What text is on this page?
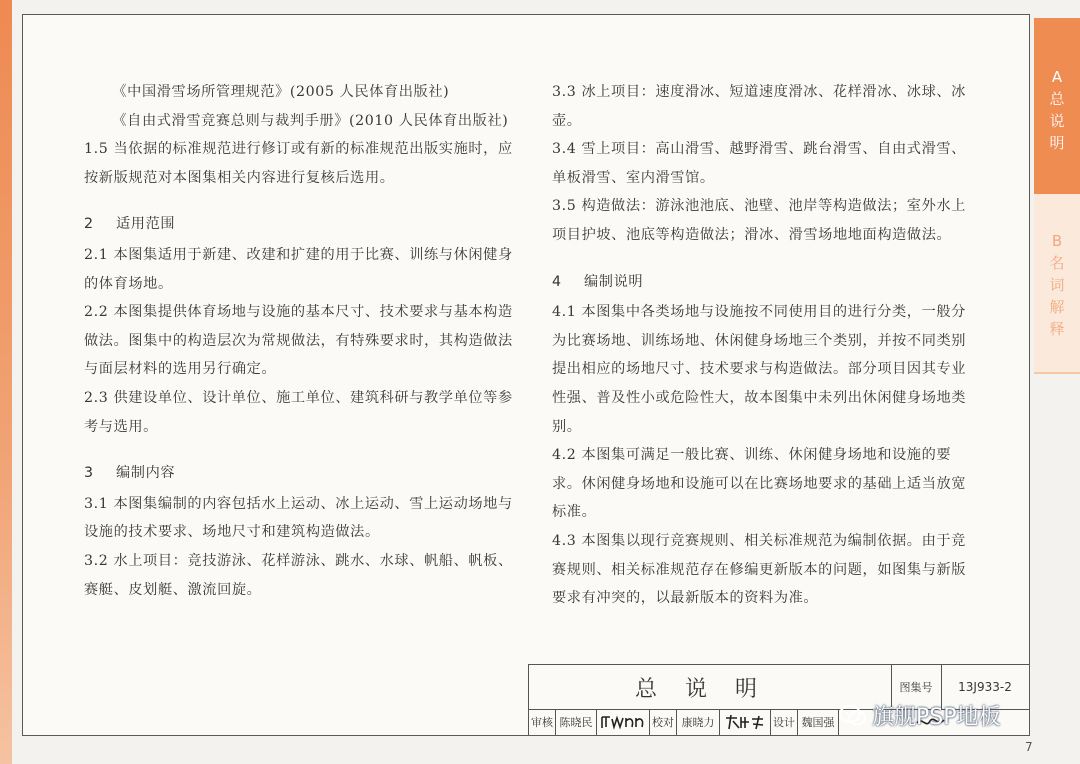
《中国滑雪场所管理规范》(2005 人民体育出版社)

《自由式滑雪竞赛总则与裁判手册》(2010 人民体育出版社)

1.5 当依据的标准规范进行修订或有新的标准规范出版实施时，应按新版规范对本图集相关内容进行复核后选用。

2 适用范围

2.1 本图集适用于新建、改建和扩建的用于比赛、训练与休闲健身的体育场地。

2.2 本图集提供体育场地与设施的基本尺寸、技术要求与基本构造做法。图集中的构造层次为常规做法，有特殊要求时，其构造做法与面层材料的选用另行确定。

2.3 供建设单位、设计单位、施工单位、建筑科研与教学单位等参考与选用。

3 编制内容

3.1 本图集编制的内容包括水上运动、冰上运动、雪上运动场地与设施的技术要求、场地尺寸和建筑构造做法。

3.2 水上项目：竞技游泳、花样游泳、跳水、水球、帆船、帆板、赛艇、皮划艇、激流回旋。

3.3 冰上项目：速度滑冰、短道速度滑冰、花样滑冰、冰球、冰壶。

3.4 雪上项目：高山滑雪、越野滑雪、跳台滑雪、自由式滑雪、单板滑雪、室内滑雪馆。

3.5 构造做法：游泳池池底、池壁、池岸等构造做法；室外水上项目护坡、池底等构造做法；滑冰、滑雪场地地面构造做法。

4 编制说明

4.1 本图集中各类场地与设施按不同使用目的进行分类，一般分为比赛场地、训练场地、休闲健身场地三个类别，并按不同类别提出相应的场地尺寸、技术要求与构造做法。部分项目因其专业性强、普及性小或危险性大，故本图集中未列出休闲健身场地类别。

4.2 本图集可满足一般比赛、训练、休闲健身场地和设施的要求。休闲健身场地和设施可以在比赛场地要求的基础上适当放宽标准。

4.3 本图集以现行竞赛规则、相关标准规范为编制依据。由于竞赛规则、相关标准规范存在修编更新版本的问题，如图集与新版要求有冲突的，以最新版本的资料为准。

A
总
说
明
B
名
词
解
释
总说明	图集号	13J933-2
审核 陈晓民	校对 康晓力	设计 魏国强 旗舰PSP地板
7
